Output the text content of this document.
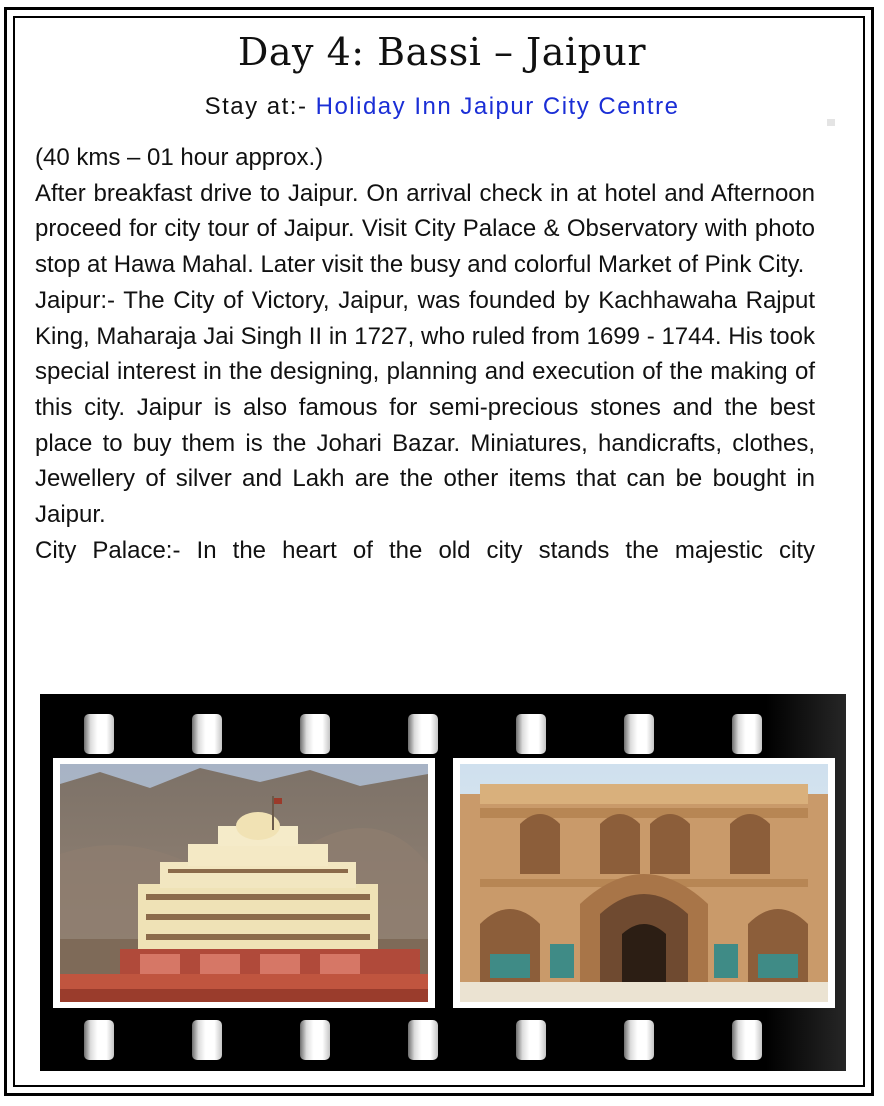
Day 4: Bassi – Jaipur
Stay at:- Holiday Inn Jaipur City Centre

(40 kms – 01 hour approx.)

After breakfast drive to Jaipur. On arrival check in at hotel and Afternoon proceed for city tour of Jaipur. Visit City Palace & Observatory with photo stop at Hawa Mahal. Later visit the busy and colorful Market of Pink City.

Jaipur:- The City of Victory, Jaipur, was founded by Kachhawaha Rajput King, Maharaja Jai Singh II in 1727, who ruled from 1699 - 1744. His took special interest in the designing, planning and execution of the making of this city. Jaipur is also famous for semi-precious stones and the best place to buy them is the Johari Bazar. Miniatures, handicrafts, clothes, Jewellery of silver and Lakh are the other items that can be bought in Jaipur.

City Palace:- In the heart of the old city stands the majestic city
